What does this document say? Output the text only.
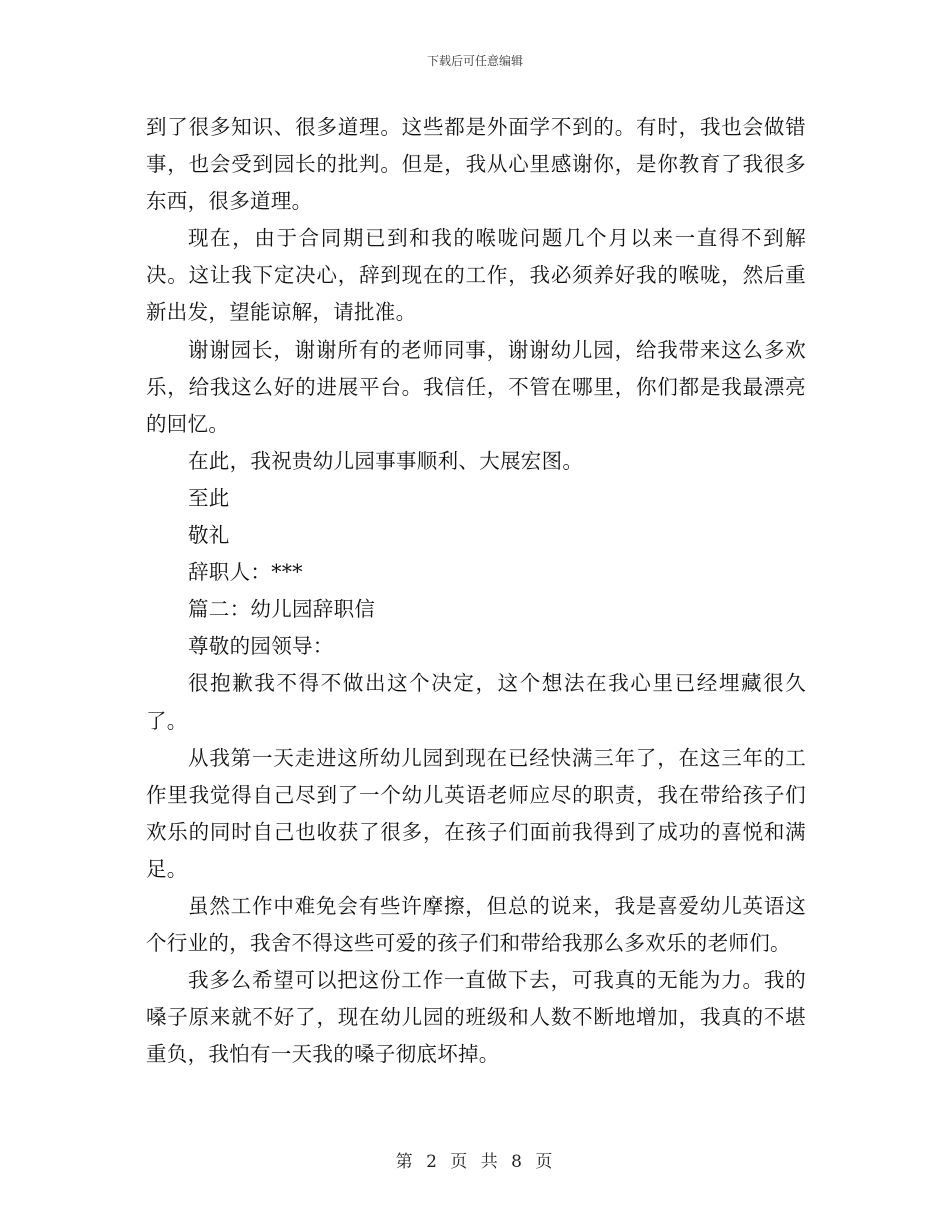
下载后可任意编辑

到了很多知识、很多道理。这些都是外面学不到的。有时，我也会做错事，也会受到园长的批判。但是，我从心里感谢你，是你教育了我很多东西，很多道理。

现在，由于合同期已到和我的喉咙问题几个月以来一直得不到解决。这让我下定决心，辞到现在的工作，我必须养好我的喉咙，然后重新出发，望能谅解，请批准。

谢谢园长，谢谢所有的老师同事，谢谢幼儿园，给我带来这么多欢乐，给我这么好的进展平台。我信任，不管在哪里，你们都是我最漂亮的回忆。

在此，我祝贵幼儿园事事顺利、大展宏图。

至此

敬礼

辞职人：***

篇二：幼儿园辞职信

尊敬的园领导：

很抱歉我不得不做出这个决定，这个想法在我心里已经埋藏很久了。

从我第一天走进这所幼儿园到现在已经快满三年了，在这三年的工作里我觉得自己尽到了一个幼儿英语老师应尽的职责，我在带给孩子们欢乐的同时自己也收获了很多，在孩子们面前我得到了成功的喜悦和满足。

虽然工作中难免会有些许摩擦，但总的说来，我是喜爱幼儿英语这个行业的，我舍不得这些可爱的孩子们和带给我那么多欢乐的老师们。

我多么希望可以把这份工作一直做下去，可我真的无能为力。我的嗓子原来就不好了，现在幼儿园的班级和人数不断地增加，我真的不堪重负，我怕有一天我的嗓子彻底坏掉。

第 2 页 共 8 页
